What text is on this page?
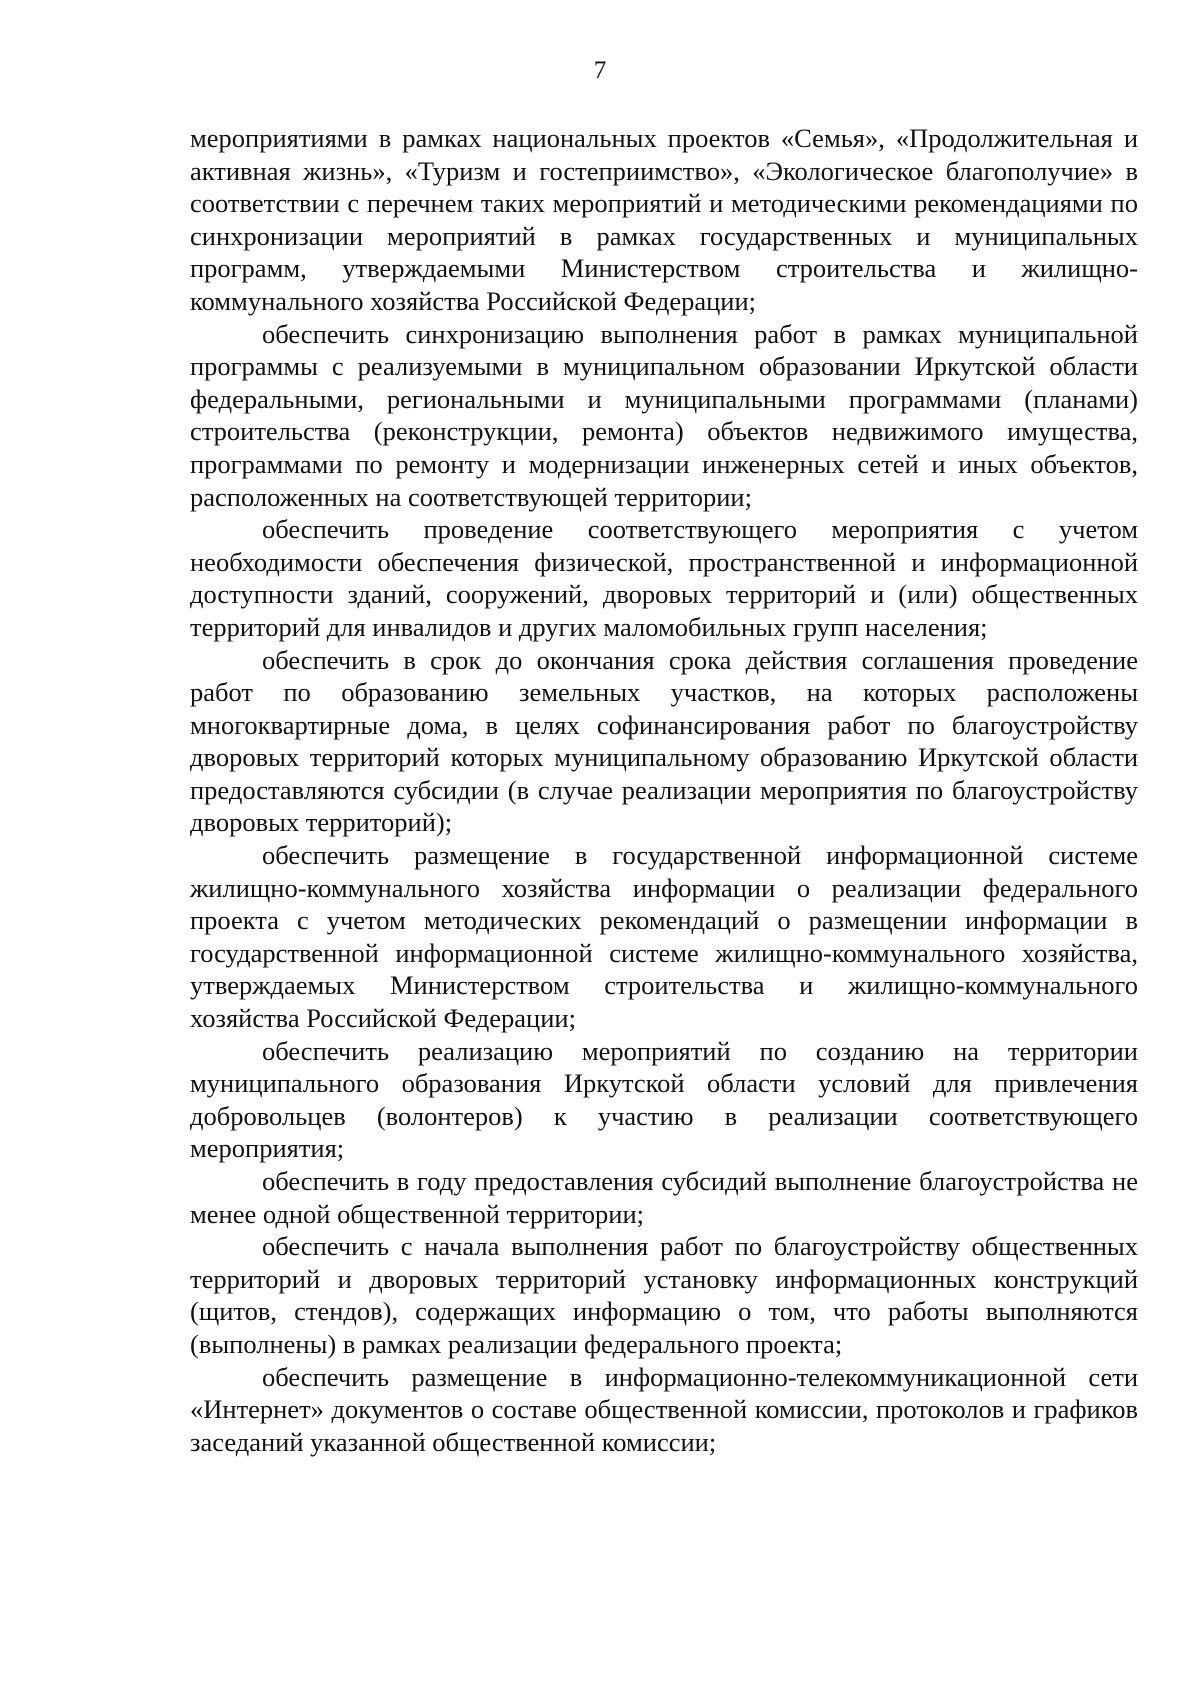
7

мероприятиями в рамках национальных проектов «Семья», «Продолжительная и активная жизнь», «Туризм и гостеприимство», «Экологическое благополучие» в соответствии с перечнем таких мероприятий и методическими рекомендациями по синхронизации мероприятий в рамках государственных и муниципальных программ, утверждаемыми Министерством строительства и жилищно-коммунального хозяйства Российской Федерации;

обеспечить синхронизацию выполнения работ в рамках муниципальной программы с реализуемыми в муниципальном образовании Иркутской области федеральными, региональными и муниципальными программами (планами) строительства (реконструкции, ремонта) объектов недвижимого имущества, программами по ремонту и модернизации инженерных сетей и иных объектов, расположенных на соответствующей территории;

обеспечить проведение соответствующего мероприятия с учетом необходимости обеспечения физической, пространственной и информационной доступности зданий, сооружений, дворовых территорий и (или) общественных территорий для инвалидов и других маломобильных групп населения;

обеспечить в срок до окончания срока действия соглашения проведение работ по образованию земельных участков, на которых расположены многоквартирные дома, в целях софинансирования работ по благоустройству дворовых территорий которых муниципальному образованию Иркутской области предоставляются субсидии (в случае реализации мероприятия по благоустройству дворовых территорий);

обеспечить размещение в государственной информационной системе жилищно-коммунального хозяйства информации о реализации федерального проекта с учетом методических рекомендаций о размещении информации в государственной информационной системе жилищно-коммунального хозяйства, утверждаемых Министерством строительства и жилищно-коммунального хозяйства Российской Федерации;

обеспечить реализацию мероприятий по созданию на территории муниципального образования Иркутской области условий для привлечения добровольцев (волонтеров) к участию в реализации соответствующего мероприятия;

обеспечить в году предоставления субсидий выполнение благоустройства не менее одной общественной территории;

обеспечить с начала выполнения работ по благоустройству общественных территорий и дворовых территорий установку информационных конструкций (щитов, стендов), содержащих информацию о том, что работы выполняются (выполнены) в рамках реализации федерального проекта;

обеспечить размещение в информационно-телекоммуникационной сети «Интернет» документов о составе общественной комиссии, протоколов и графиков заседаний указанной общественной комиссии;
